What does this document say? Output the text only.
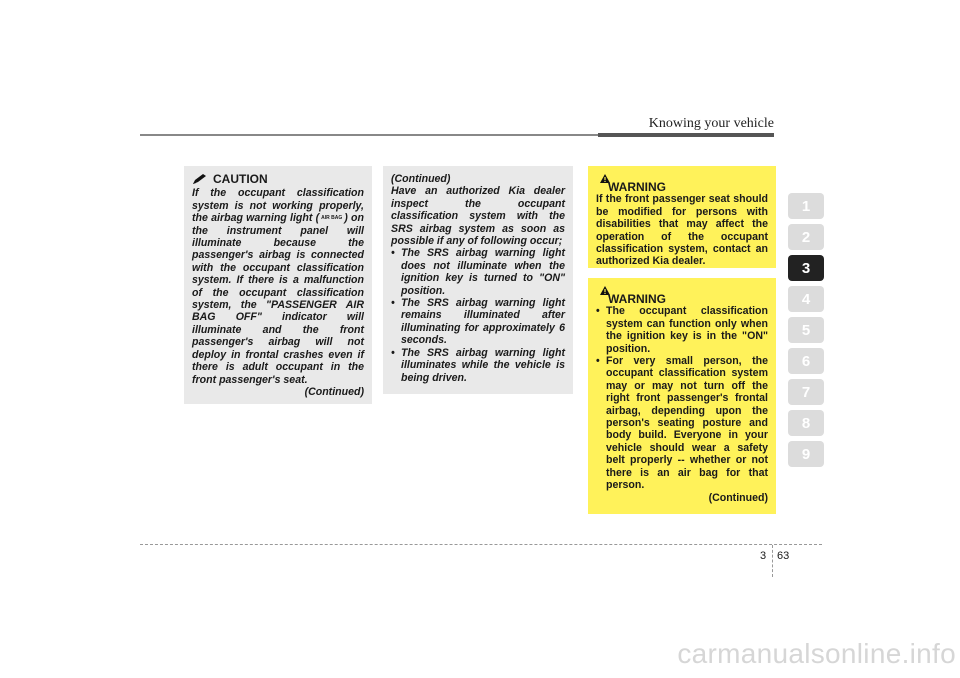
Knowing your vehicle
CAUTION
If the occupant classification system is not working properly, the airbag warning light ( AIR BAG ) on the instrument panel will illuminate because the passenger's airbag is connected with the occupant classification system. If there is a malfunction of the occupant classification system, the "PASSENGER AIR BAG OFF" indicator will illuminate and the front passenger's airbag will not deploy in frontal crashes even if there is adult occupant in the front passenger's seat.
(Continued)
(Continued)
Have an authorized Kia dealer inspect the occupant classification system with the SRS airbag system as soon as possible if any of following occur;
• The SRS airbag warning light does not illuminate when the ignition key is turned to "ON" position.
• The SRS airbag warning light remains illuminated after illuminating for approximately 6 seconds.
• The SRS airbag warning light illuminates while the vehicle is being driven.
WARNING
If the front passenger seat should be modified for persons with disabilities that may affect the operation of the occupant classification system, contact an authorized Kia dealer.
WARNING
• The occupant classification system can function only when the ignition key is in the "ON" position.
• For very small person, the occupant classification system may or may not turn off the right front passenger's frontal airbag, depending upon the person's seating posture and body build. Everyone in your vehicle should wear a safety belt properly -- whether or not there is an air bag for that person.
(Continued)
1
2
3
4
5
6
7
8
9
3 63
carmanualsonline.info
